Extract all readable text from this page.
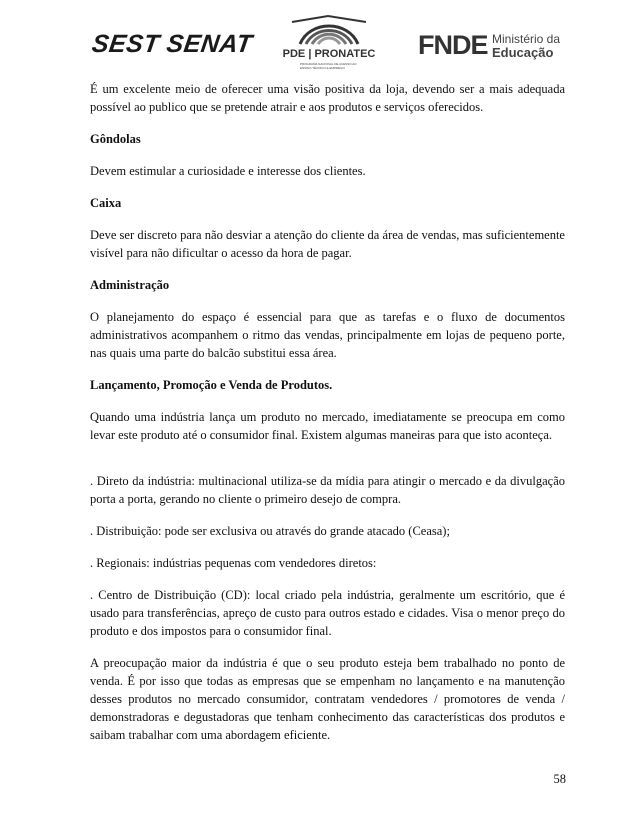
SEST SENAT	PDE | PRONATEC
PROGRAMA NACIONAL DE ACESSO AO ENSINO TÉCNICO E EMPREGO
FNDE Ministério da
Educação

É um excelente meio de oferecer uma visão positiva da loja, devendo ser a mais adequada possível ao publico que se pretende atrair e aos produtos e serviços oferecidos.

Gôndolas

Devem estimular a curiosidade e interesse dos clientes.

Caixa

Deve ser discreto para não desviar a atenção do cliente da área de vendas, mas suficientemente visível para não dificultar o acesso da hora de pagar.

Administração

O planejamento do espaço é essencial para que as tarefas e o fluxo de documentos administrativos acompanhem o ritmo das vendas, principalmente em lojas de pequeno porte, nas quais uma parte do balcão substitui essa área.

Lançamento, Promoção e Venda de Produtos.

Quando uma indústria lança um produto no mercado, imediatamente se preocupa em como levar este produto até o consumidor final. Existem algumas maneiras para que isto aconteça.

. Direto da indústria: multinacional utiliza-se da mídia para atingir o mercado e da divulgação porta a porta, gerando no cliente o primeiro desejo de compra.

. Distribuição: pode ser exclusiva ou através do grande atacado (Ceasa);

. Regionais: indústrias pequenas com vendedores diretos:

. Centro de Distribuição (CD): local criado pela indústria, geralmente um escritório, que é usado para transferências, apreço de custo para outros estado e cidades. Visa o menor preço do produto e dos impostos para o consumidor final.

A preocupação maior da indústria é que o seu produto esteja bem trabalhado no ponto de venda. É por isso que todas as empresas que se empenham no lançamento e na manutenção desses produtos no mercado consumidor, contratam vendedores / promotores de venda / demonstradoras e degustadoras que tenham conhecimento das características dos produtos e saibam trabalhar com uma abordagem eficiente.

58
